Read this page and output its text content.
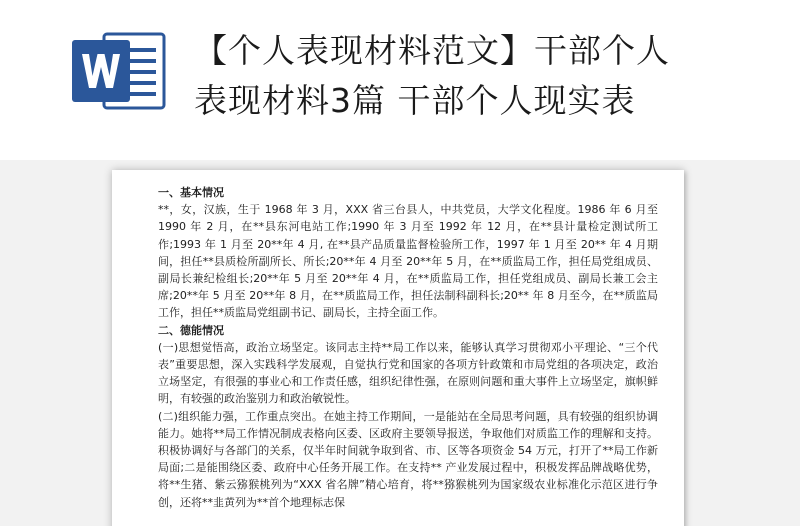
【个人表现材料范文】干部个人
表现材料3篇 干部个人现实表

一、基本情况

**，女，汉族，生于 1968 年 3 月，XXX 省三台县人，中共党员，大学文化程度。1986 年 6 月至 1990 年 2 月，在**县东河电站工作;1990 年 3 月至 1992 年 12 月，在**县计量检定测试所工作;1993 年 1 月至 20**年 4 月, 在**县产品质量监督检验所工作，1997 年 1 月至 20** 年 4 月期间，担任**县质检所副所长、所长;20**年 4 月至 20**年 5 月，在**质监局工作，担任局党组成员、副局长兼纪检组长;20**年 5 月至 20**年 4 月，在**质监局工作，担任党组成员、副局长兼工会主席;20**年 5 月至 20**年 8 月，在**质监局工作，担任法制科副科长;20** 年 8 月至今，在**质监局工作，担任**质监局党组副书记、副局长，主持全面工作。

二、德能情况

(一)思想觉悟高，政治立场坚定。该同志主持**局工作以来，能够认真学习贯彻邓小平理论、“三个代表”重要思想，深入实践科学发展观，自觉执行党和国家的各项方针政策和市局党组的各项决定，政治立场坚定，有很强的事业心和工作责任感，组织纪律性强，在原则问题和重大事件上立场坚定，旗帜鲜明，有较强的政治鉴别力和政治敏锐性。

(二)组织能力强，工作重点突出。在她主持工作期间，一是能站在全局思考问题，具有较强的组织协调能力。她将**局工作情况制成表格向区委、区政府主要领导报送，争取他们对质监工作的理解和支持。积极协调好与各部门的关系，仅半年时间就争取到省、市、区等各项资金 54 万元，打开了**局工作新局面;二是能围绕区委、政府中心任务开展工作。在支持** 产业发展过程中，积极发挥品牌战略优势，将**生猪、紫云猕猴桃列为“XXX 省名牌”精心培育，将**猕猴桃列为国家级农业标准化示范区进行争创，还将**韭黄列为**首个地理标志保
